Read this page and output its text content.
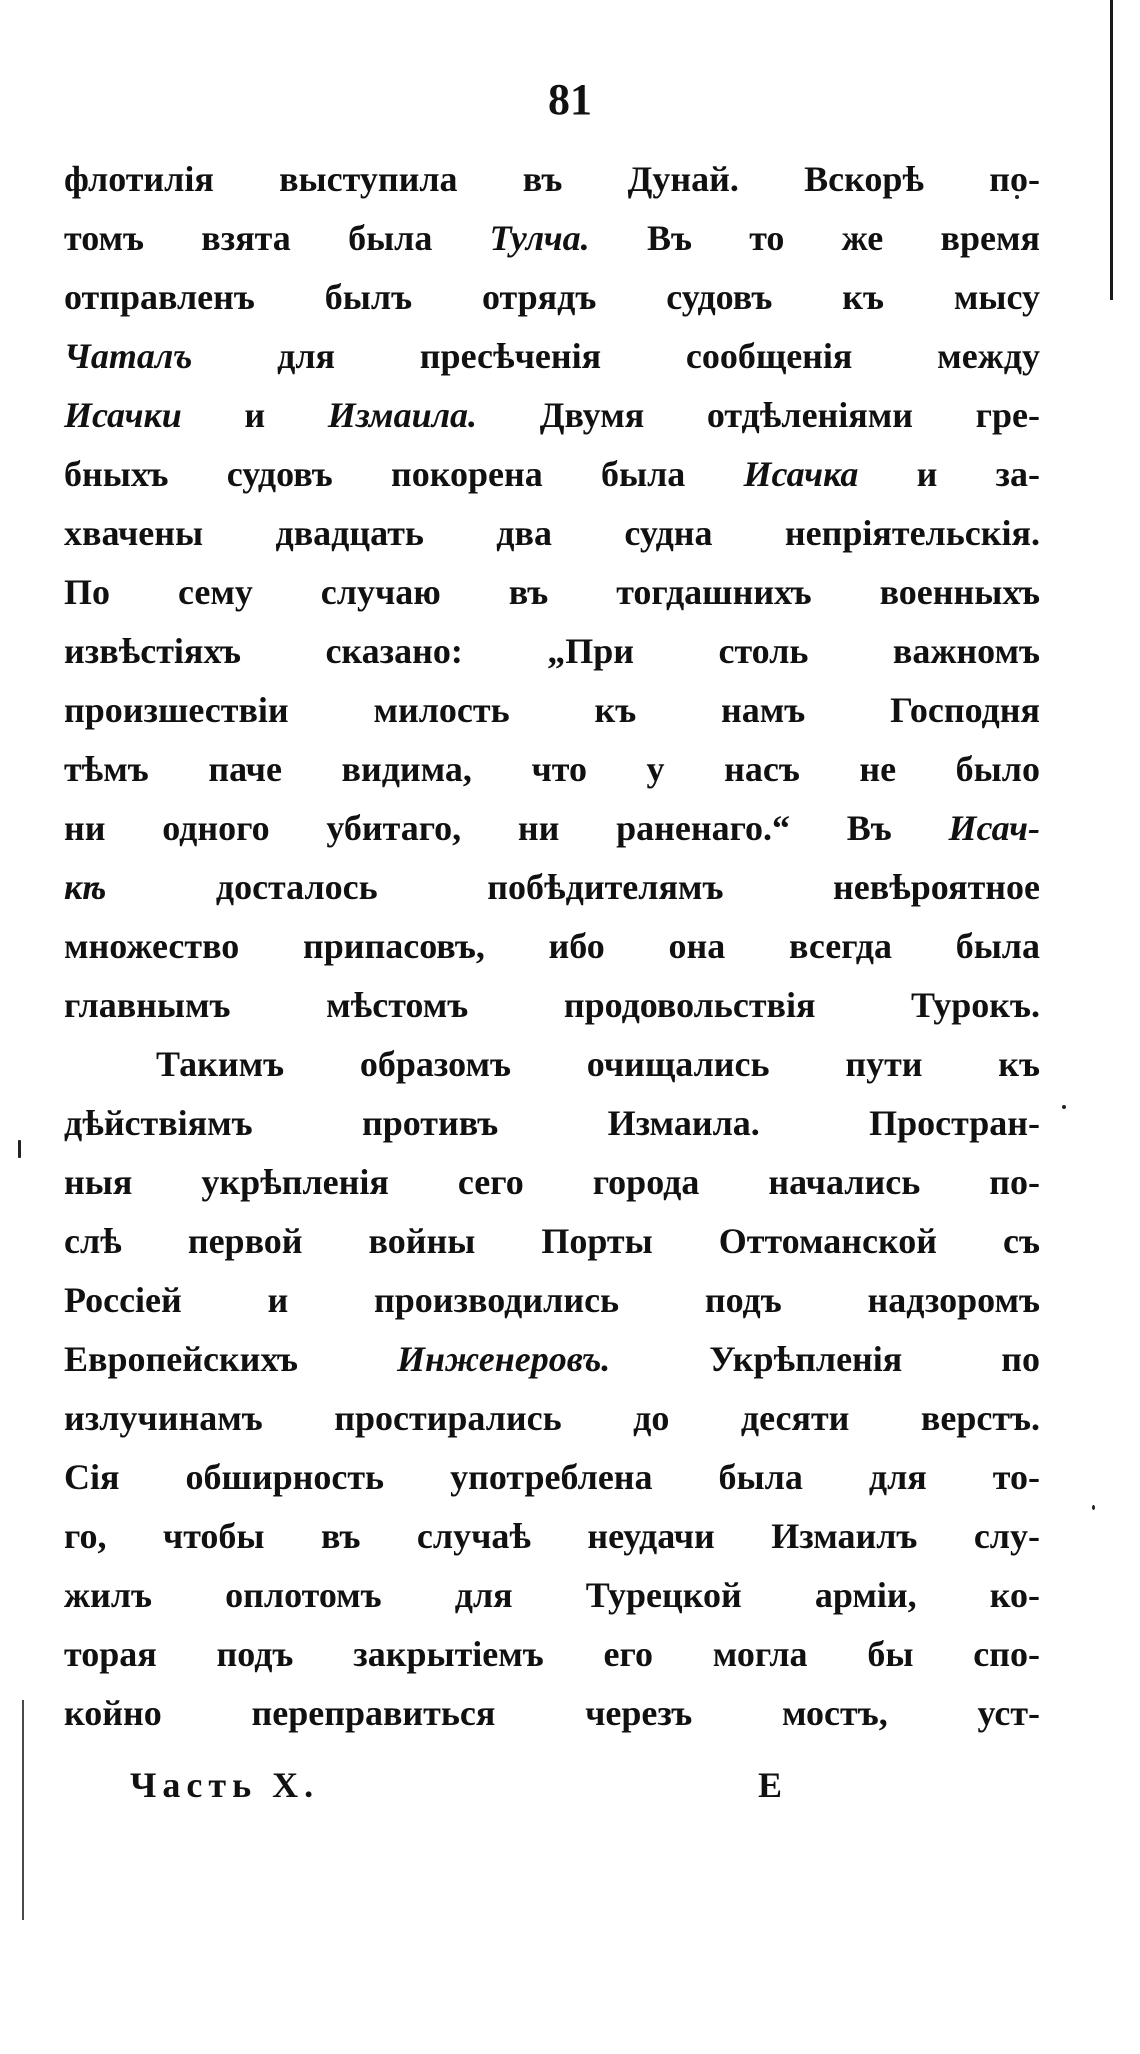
81
флотилія выступила въ Дунай. Вскорѣ по-
томъ взята была Тулча. Въ то же время
отправленъ былъ отрядъ судовъ къ мысу
Чаталъ для пресѣченія сообщенія между
Исачки и Измаила. Двумя отдѣленіями гре-
бныхъ судовъ покорена была Исачка и за-
хвачены двадцать два судна непріятельскія.
По сему случаю въ тогдашнихъ военныхъ
извѣстіяхъ сказано: „При столь важномъ
произшествіи милость къ намъ Господня
тѣмъ паче видима, что у насъ не было
ни одного убитаго, ни раненаго.“ Въ Исач-
кѣ досталось побѣдителямъ невѣроятное
множество припасовъ, ибо она всегда была
главнымъ мѣстомъ продовольствія Турокъ.
Такимъ образомъ очищались пути къ
дѣйствіямъ противъ Измаила. Простран-
ныя укрѣпленія сего города начались по-
слѣ первой войны Порты Оттоманской съ
Россіей и производились подъ надзоромъ
Европейскихъ Инженеровъ. Укрѣпленія по
излучинамъ простирались до десяти верстъ.
Сія обширность употреблена была для то-
го, чтобы въ случаѣ неудачи Измаилъ слу-
жилъ оплотомъ для Турецкой арміи, ко-
торая подъ закрытіемъ его могла бы спо-
койно переправиться черезъ мостъ, уст-
Часть X.	E
